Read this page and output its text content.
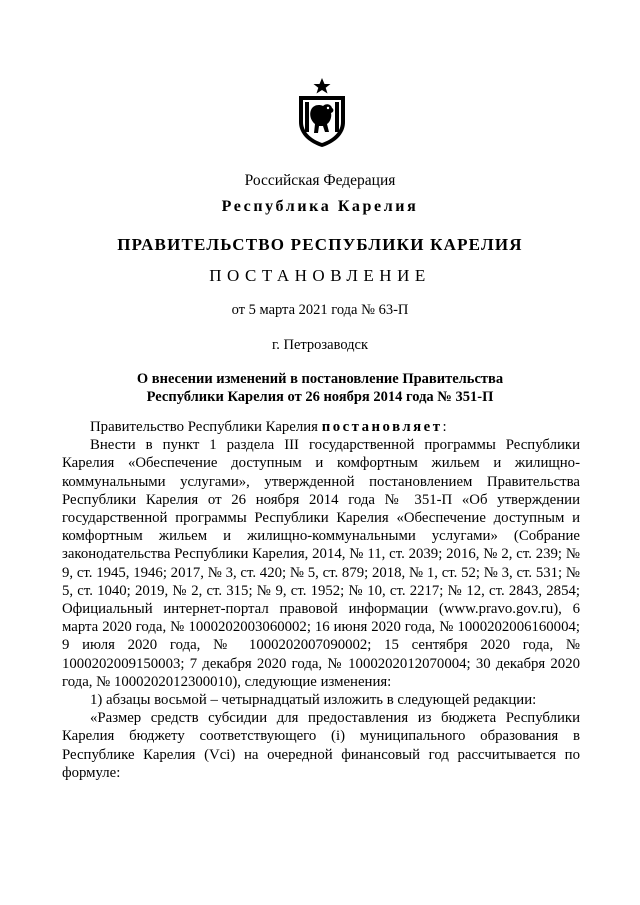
Российская Федерация
Республика Карелия
ПРАВИТЕЛЬСТВО РЕСПУБЛИКИ КАРЕЛИЯ
ПОСТАНОВЛЕНИЕ
от 5 марта 2021 года № 63-П
г. Петрозаводск
О внесении изменений в постановление Правительства
Республики Карелия от 26 ноября 2014 года № 351-П

Правительство Республики Карелия постановляет:

Внести в пункт 1 раздела III государственной программы Республики Карелия «Обеспечение доступным и комфортным жильем и жилищно-коммунальными услугами», утвержденной постановлением Правительства Республики Карелия от 26 ноября 2014 года № 351-П «Об утверждении государственной программы Республики Карелия «Обеспечение доступным и комфортным жильем и жилищно-коммунальными услугами» (Собрание законодательства Республики Карелия, 2014, № 11, ст. 2039; 2016, № 2, ст. 239; № 9, ст. 1945, 1946; 2017, № 3, ст. 420; № 5, ст. 879; 2018, № 1, ст. 52; № 3, ст. 531; № 5, ст. 1040; 2019, № 2, ст. 315; № 9, ст. 1952; № 10, ст. 2217; № 12, ст. 2843, 2854; Официальный интернет-портал правовой информации (www.pravo.gov.ru), 6 марта 2020 года, № 1000202003060002; 16 июня 2020 года, № 1000202006160004; 9 июля 2020 года, № 1000202007090002; 15 сентября 2020 года, № 1000202009150003; 7 декабря 2020 года, № 1000202012070004; 30 декабря 2020 года, № 1000202012300010), следующие изменения:

1) абзацы восьмой – четырнадцатый изложить в следующей редакции:

«Размер средств субсидии для предоставления из бюджета Республики Карелия бюджету соответствующего (i) муниципального образования в Республике Карелия (Vci) на очередной финансовый год рассчитывается по формуле:
